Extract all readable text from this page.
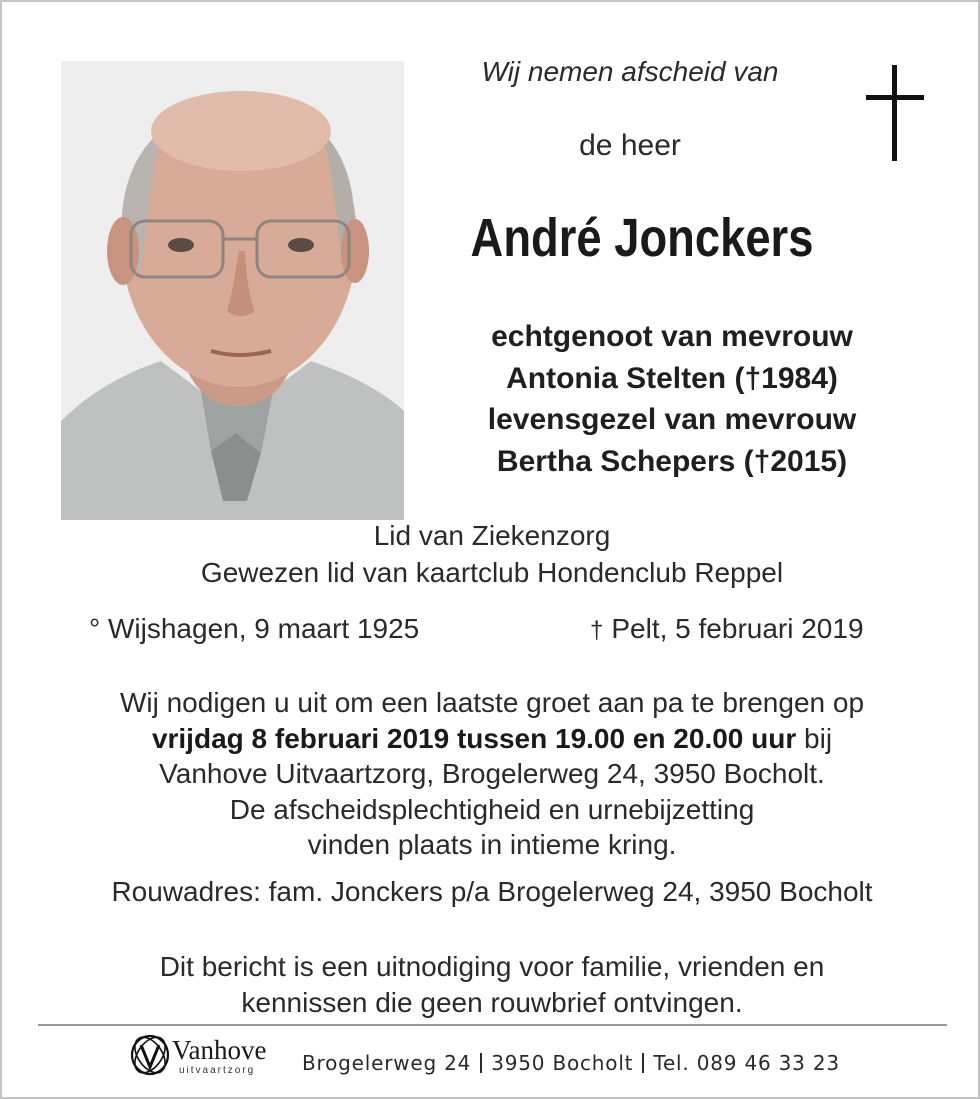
Wij nemen afscheid van
de heer
André Jonckers
echtgenoot van mevrouw
Antonia Stelten (†1984)
levensgezel van mevrouw
Bertha Schepers (†2015)
Lid van Ziekenzorg
Gewezen lid van kaartclub Hondenclub Reppel
° Wijshagen, 9 maart 1925	† Pelt, 5 februari 2019
Wij nodigen u uit om een laatste groet aan pa te brengen op
vrijdag 8 februari 2019 tussen 19.00 en 20.00 uur bij
Vanhove Uitvaartzorg, Brogelerweg 24, 3950 Bocholt.
De afscheidsplechtigheid en urnebijzetting
vinden plaats in intieme kring.
Rouwadres: fam. Jonckers p/a Brogelerweg 24, 3950 Bocholt
Dit bericht is een uitnodiging voor familie, vrienden en
kennissen die geen rouwbrief ontvingen.
Vanhove
uitvaartzorg Brogelerweg 24 3950 Bocholt Tel. 089 46 33 23
